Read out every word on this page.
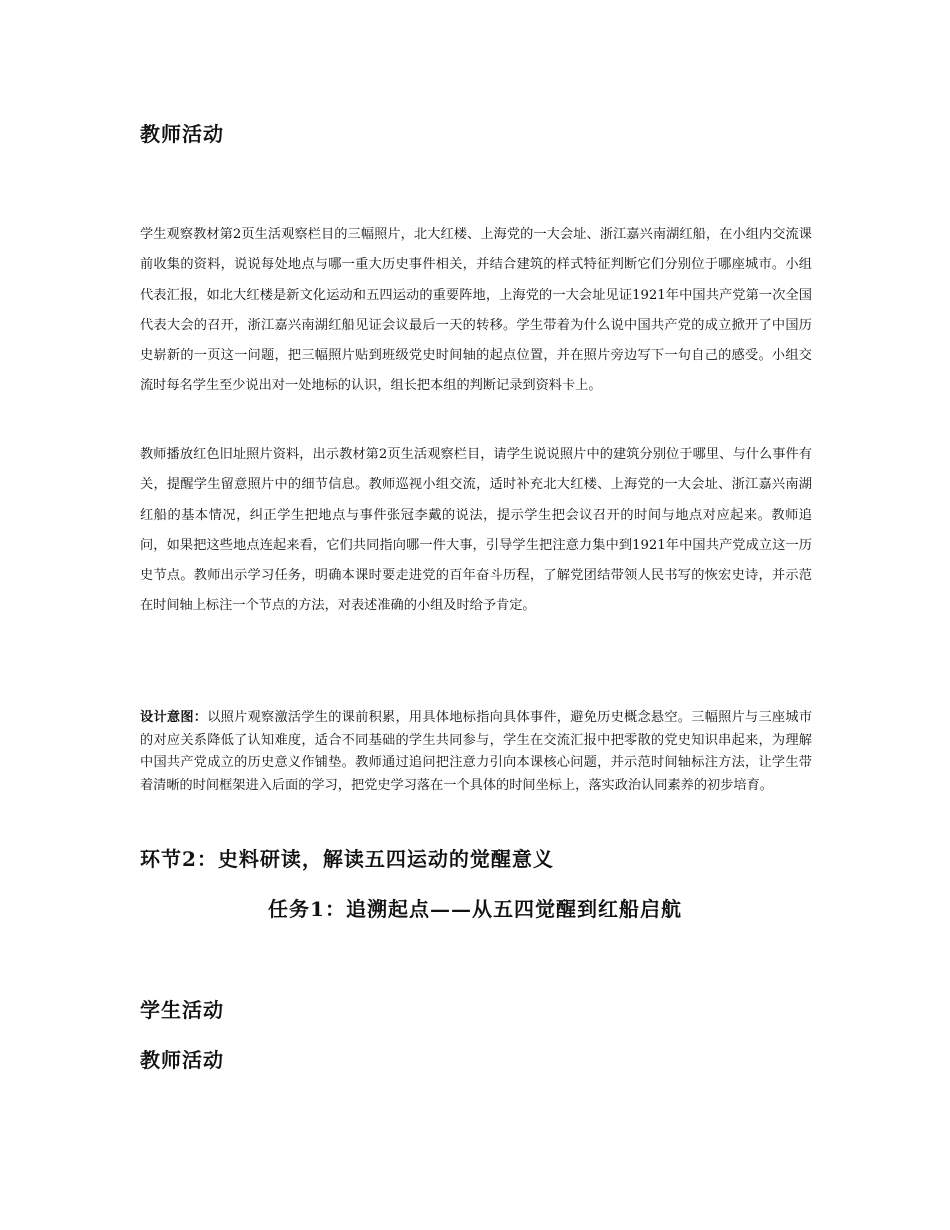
教师活动

学生观察教材第2页生活观察栏目的三幅照片，北大红楼、上海党的一大会址、浙江嘉兴南湖红船，在小组内交流课前收集的资料，说说每处地点与哪一重大历史事件相关，并结合建筑的样式特征判断它们分别位于哪座城市。小组代表汇报，如北大红楼是新文化运动和五四运动的重要阵地，上海党的一大会址见证1921年中国共产党第一次全国代表大会的召开，浙江嘉兴南湖红船见证会议最后一天的转移。学生带着为什么说中国共产党的成立掀开了中国历史崭新的一页这一问题，把三幅照片贴到班级党史时间轴的起点位置，并在照片旁边写下一句自己的感受。小组交流时每名学生至少说出对一处地标的认识，组长把本组的判断记录到资料卡上。

教师播放红色旧址照片资料，出示教材第2页生活观察栏目，请学生说说照片中的建筑分别位于哪里、与什么事件有关，提醒学生留意照片中的细节信息。教师巡视小组交流，适时补充北大红楼、上海党的一大会址、浙江嘉兴南湖红船的基本情况，纠正学生把地点与事件张冠李戴的说法，提示学生把会议召开的时间与地点对应起来。教师追问，如果把这些地点连起来看，它们共同指向哪一件大事，引导学生把注意力集中到1921年中国共产党成立这一历史节点。教师出示学习任务，明确本课时要走进党的百年奋斗历程，了解党团结带领人民书写的恢宏史诗，并示范在时间轴上标注一个节点的方法，对表述准确的小组及时给予肯定。

设计意图：以照片观察激活学生的课前积累，用具体地标指向具体事件，避免历史概念悬空。三幅照片与三座城市的对应关系降低了认知难度，适合不同基础的学生共同参与，学生在交流汇报中把零散的党史知识串起来，为理解中国共产党成立的历史意义作铺垫。教师通过追问把注意力引向本课核心问题，并示范时间轴标注方法，让学生带着清晰的时间框架进入后面的学习，把党史学习落在一个具体的时间坐标上，落实政治认同素养的初步培育。

环节2：史料研读，解读五四运动的觉醒意义
任务1：追溯起点——从五四觉醒到红船启航
学生活动
教师活动
